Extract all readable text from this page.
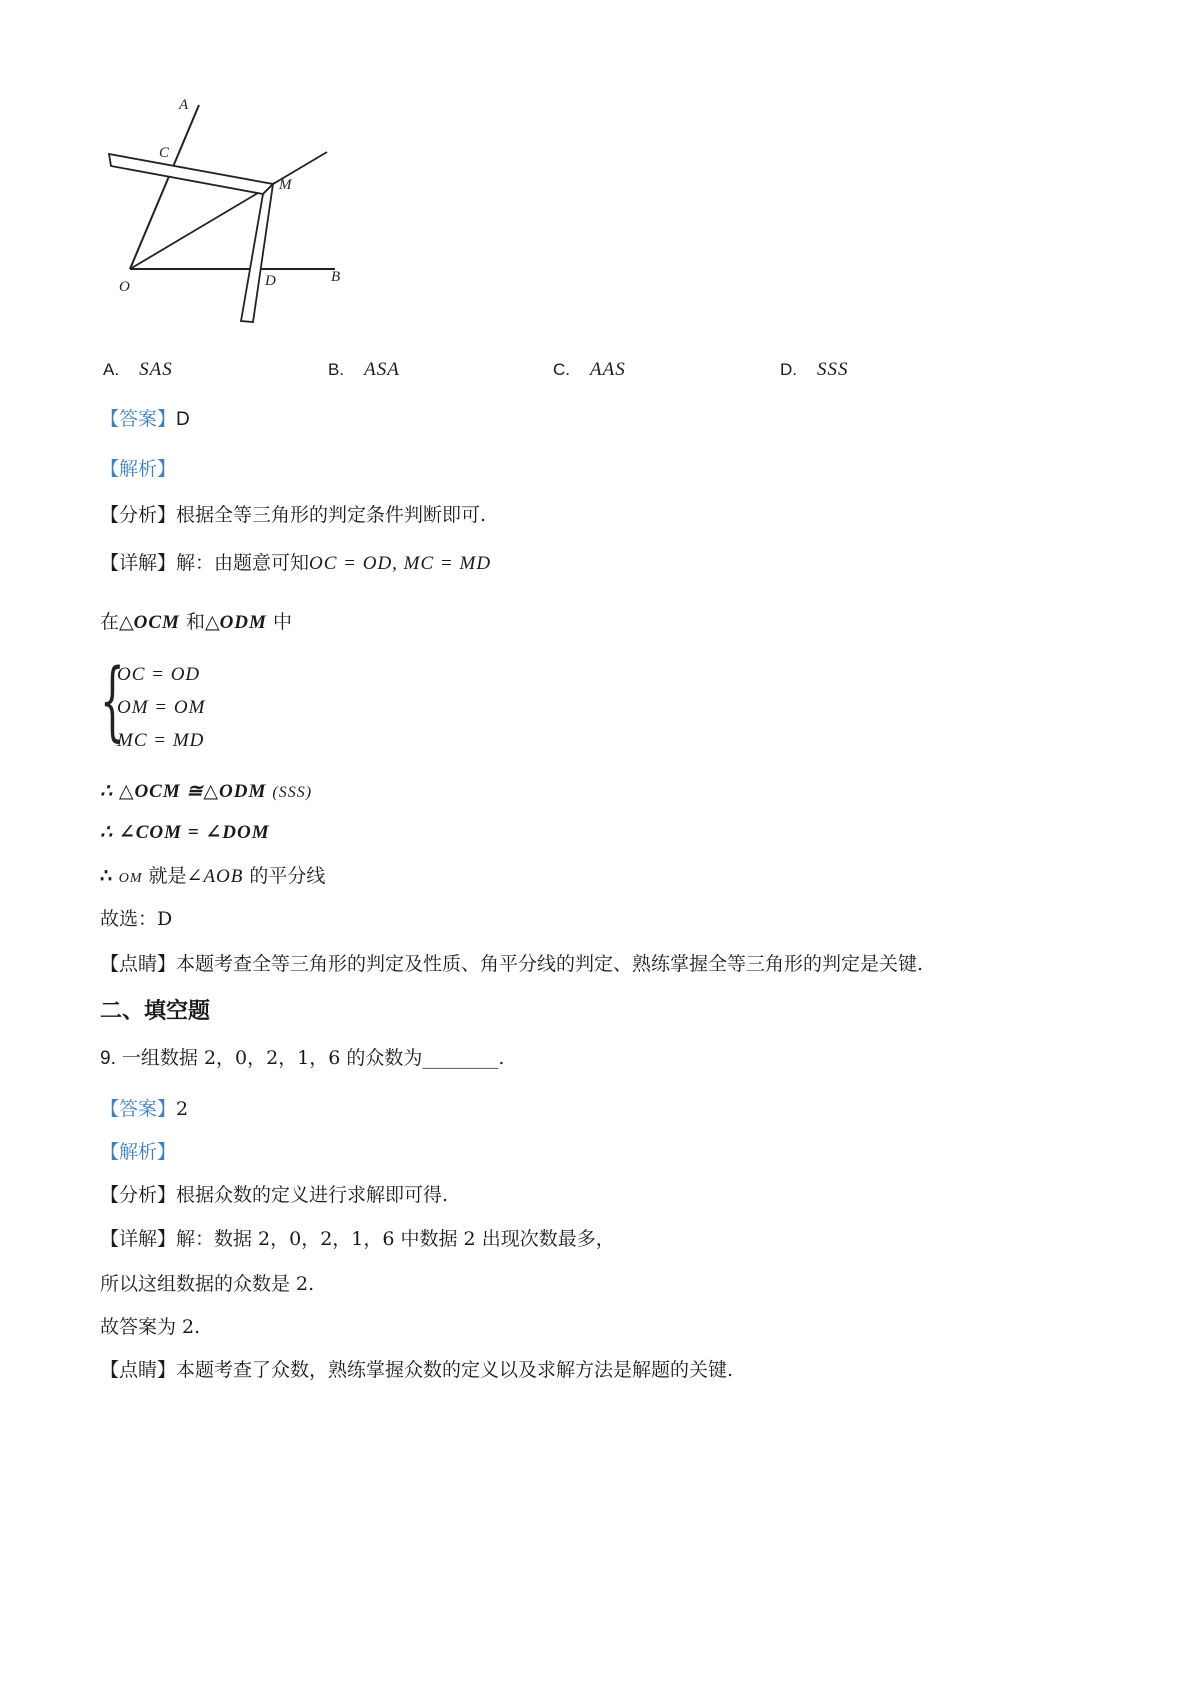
A
C
M
O	D	B
A. SAS	B. ASA	C. AAS	D. SSS
【答案】D
【解析】
【分析】根据全等三角形的判定条件判断即可.
【详解】解：由题意可知OC = OD, MC = MD
在△OCM 和△ODM 中
{
OC = OD
OM = OM
MC = MD
∴ △OCM ≅△ODM (SSS)
∴ ∠COM = ∠DOM
∴ OM 就是∠AOB 的平分线
故选：D
【点睛】本题考查全等三角形的判定及性质、角平分线的判定、熟练掌握全等三角形的判定是关键.
二、填空题
9. 一组数据 2，0，2，1，6 的众数为________.
【答案】2
【解析】
【分析】根据众数的定义进行求解即可得.
【详解】解：数据 2，0，2，1，6 中数据 2 出现次数最多，
所以这组数据的众数是 2.
故答案为 2.
【点睛】本题考查了众数，熟练掌握众数的定义以及求解方法是解题的关键.
